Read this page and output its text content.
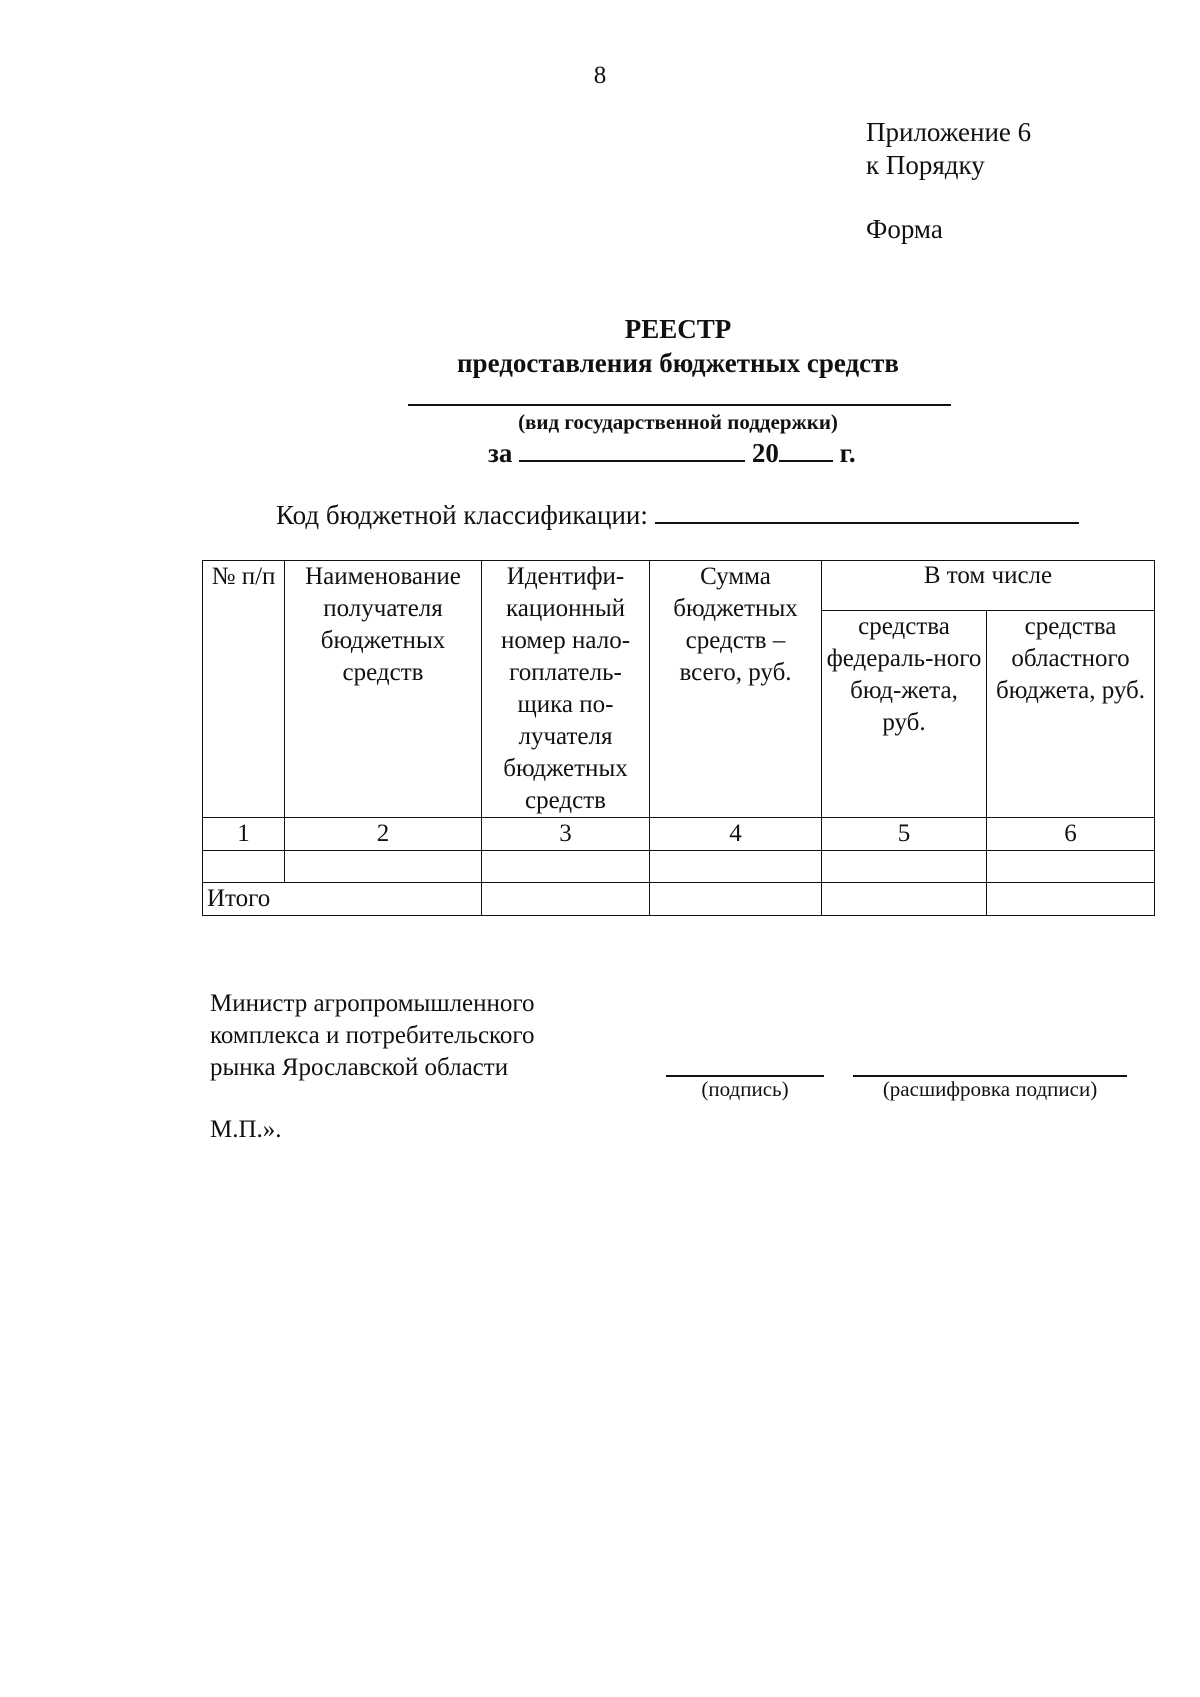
8
Приложение 6
к Порядку
Форма
РЕЕСТР
предоставления бюджетных средств
(вид государственной поддержки)
за	20 г.
Код бюджетной классификации:
№ п/п	Наименование получателя бюджетных средств	Идентифи-кационный номер нало-гоплатель-щика по-лучателя бюджетных средств	Сумма бюджетных средств – всего, руб.	В том числе	
				средства федераль-ного бюд-жета, руб.	средства областного бюджета, руб.
1	2	3	4	5	6

Итого					
Министр агропромышленного
комплекса и потребительского
рынка Ярославской области
(подпись)	(расшифровка подписи)
М.П.».
